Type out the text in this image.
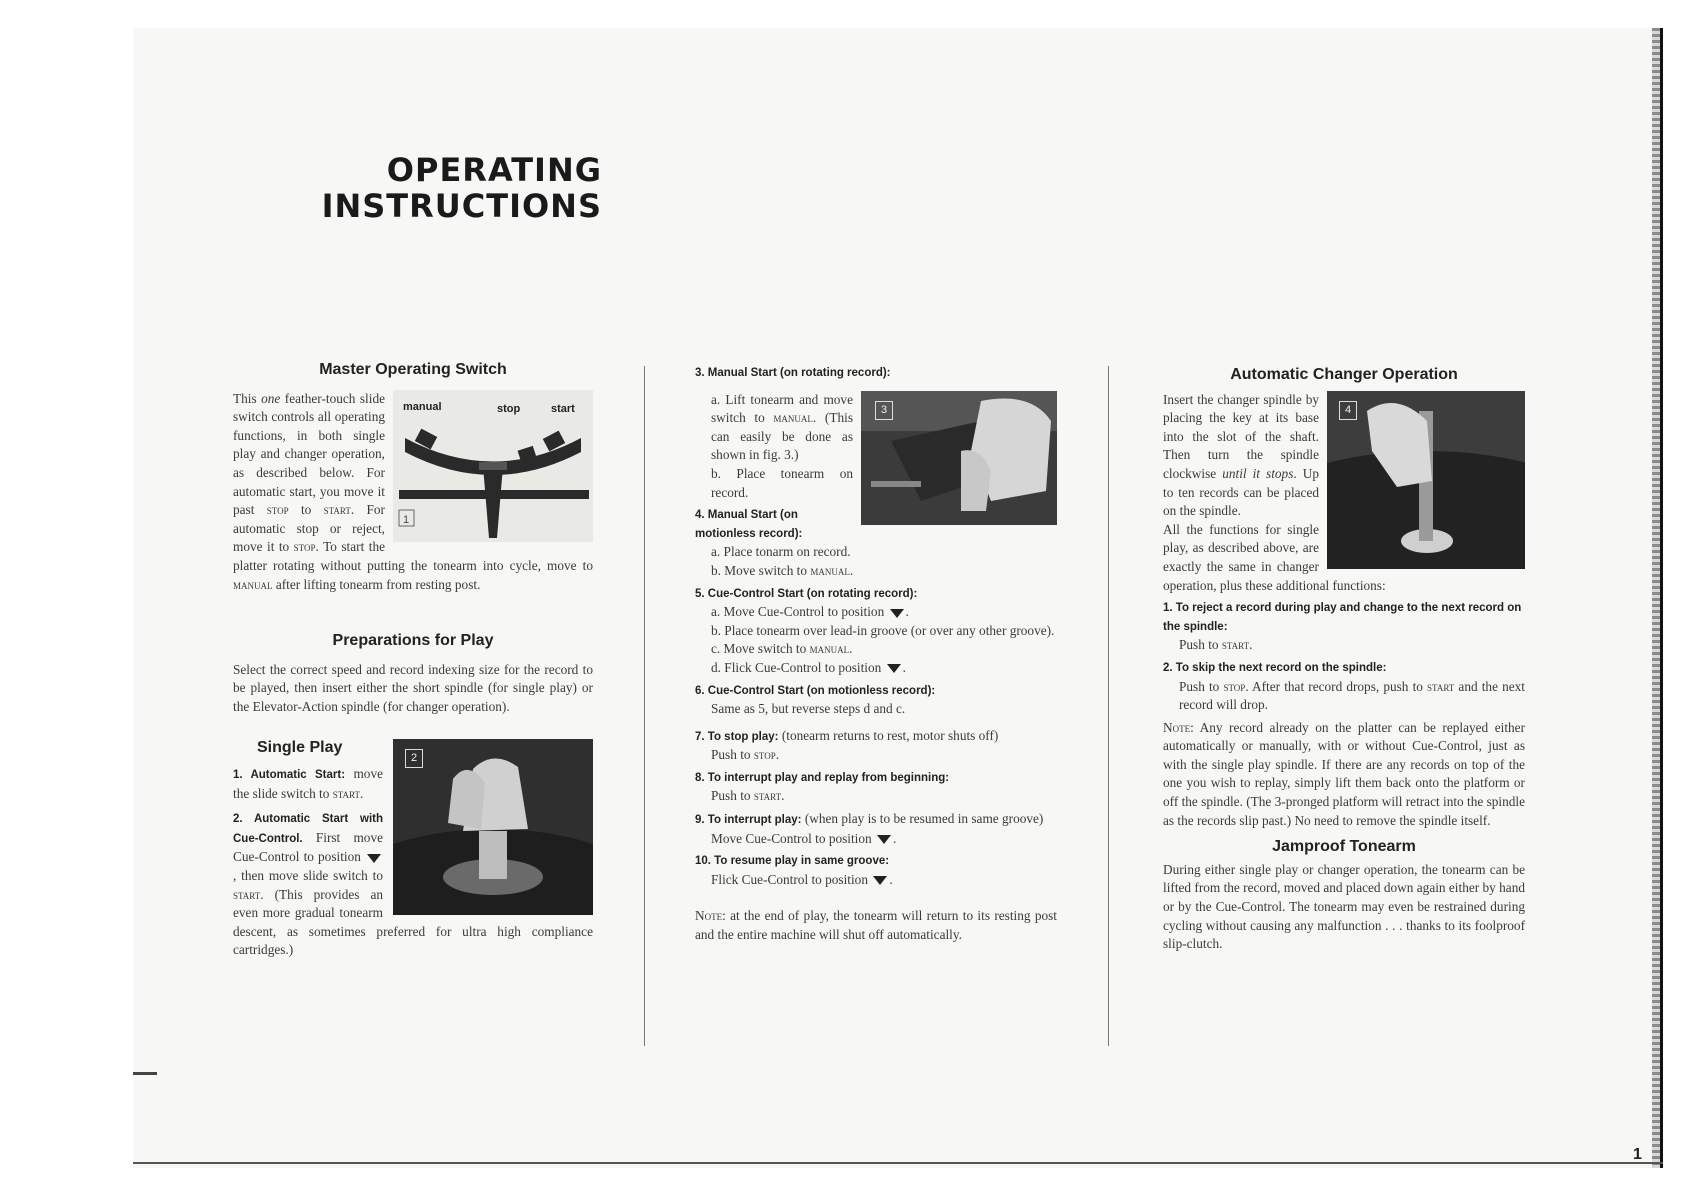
OPERATING
INSTRUCTIONS
Master Operating Switch
manual	stop	start
1

This one feather-touch slide switch controls all operating functions, in both single play and changer operation, as described below. For automatic start, you move it past stop to start. For automatic stop or reject, move it to stop. To start the platter rotating without putting the tonearm into cycle, move to manual after lifting tonearm from resting post.

Preparations for Play

Select the correct speed and record indexing size for the record to be played, then insert either the short spindle (for single play) or the Elevator-Action spindle (for changer operation).

2
Single Play

1. Automatic Start: move the slide switch to start.

2. Automatic Start with Cue-Control. First move Cue-Control to position , then move slide switch to start. (This provides an even more gradual tonearm descent, as sometimes preferred for ultra high compliance cartridges.)

3. Manual Start (on rotating record):
3

a. Lift tonearm and move switch to manual. (This can easily be done as shown in fig. 3.)

b. Place tonearm on record.

4. Manual Start (on motionless record):

a. Place tonarm on record.

b. Move switch to manual.

5. Cue-Control Start (on rotating record):

a. Move Cue-Control to position .

b. Place tonearm over lead-in groove (or over any other groove).

c. Move switch to manual.

d. Flick Cue-Control to position .

6. Cue-Control Start (on motionless record):

Same as 5, but reverse steps d and c.

7. To stop play: (tonearm returns to rest, motor shuts off)

Push to stop.

8. To interrupt play and replay from beginning:

Push to start.

9. To interrupt play: (when play is to be resumed in same groove)

Move Cue-Control to position .

10. To resume play in same groove:

Flick Cue-Control to position .

Note: at the end of play, the tonearm will return to its resting post and the entire machine will shut off automatically.

Automatic Changer Operation
4

Insert the changer spindle by placing the key at its base into the slot of the shaft. Then turn the spindle clockwise until it stops. Up to ten records can be placed on the spindle.

All the functions for single play, as described above, are exactly the same in changer operation, plus these additional functions:

1. To reject a record during play and change to the next record on the spindle:

Push to start.

2. To skip the next record on the spindle:

Push to stop. After that record drops, push to start and the next record will drop.

Note: Any record already on the platter can be replayed either automatically or manually, with or without Cue-Control, just as with the single play spindle. If there are any records on top of the one you wish to replay, simply lift them back onto the platform or off the spindle. (The 3-pronged platform will retract into the spindle as the records slip past.) No need to remove the spindle itself.

Jamproof Tonearm

During either single play or changer operation, the tonearm can be lifted from the record, moved and placed down again either by hand or by the Cue-Control. The tonearm may even be restrained during cycling without causing any malfunction . . . thanks to its foolproof slip-clutch.

1
